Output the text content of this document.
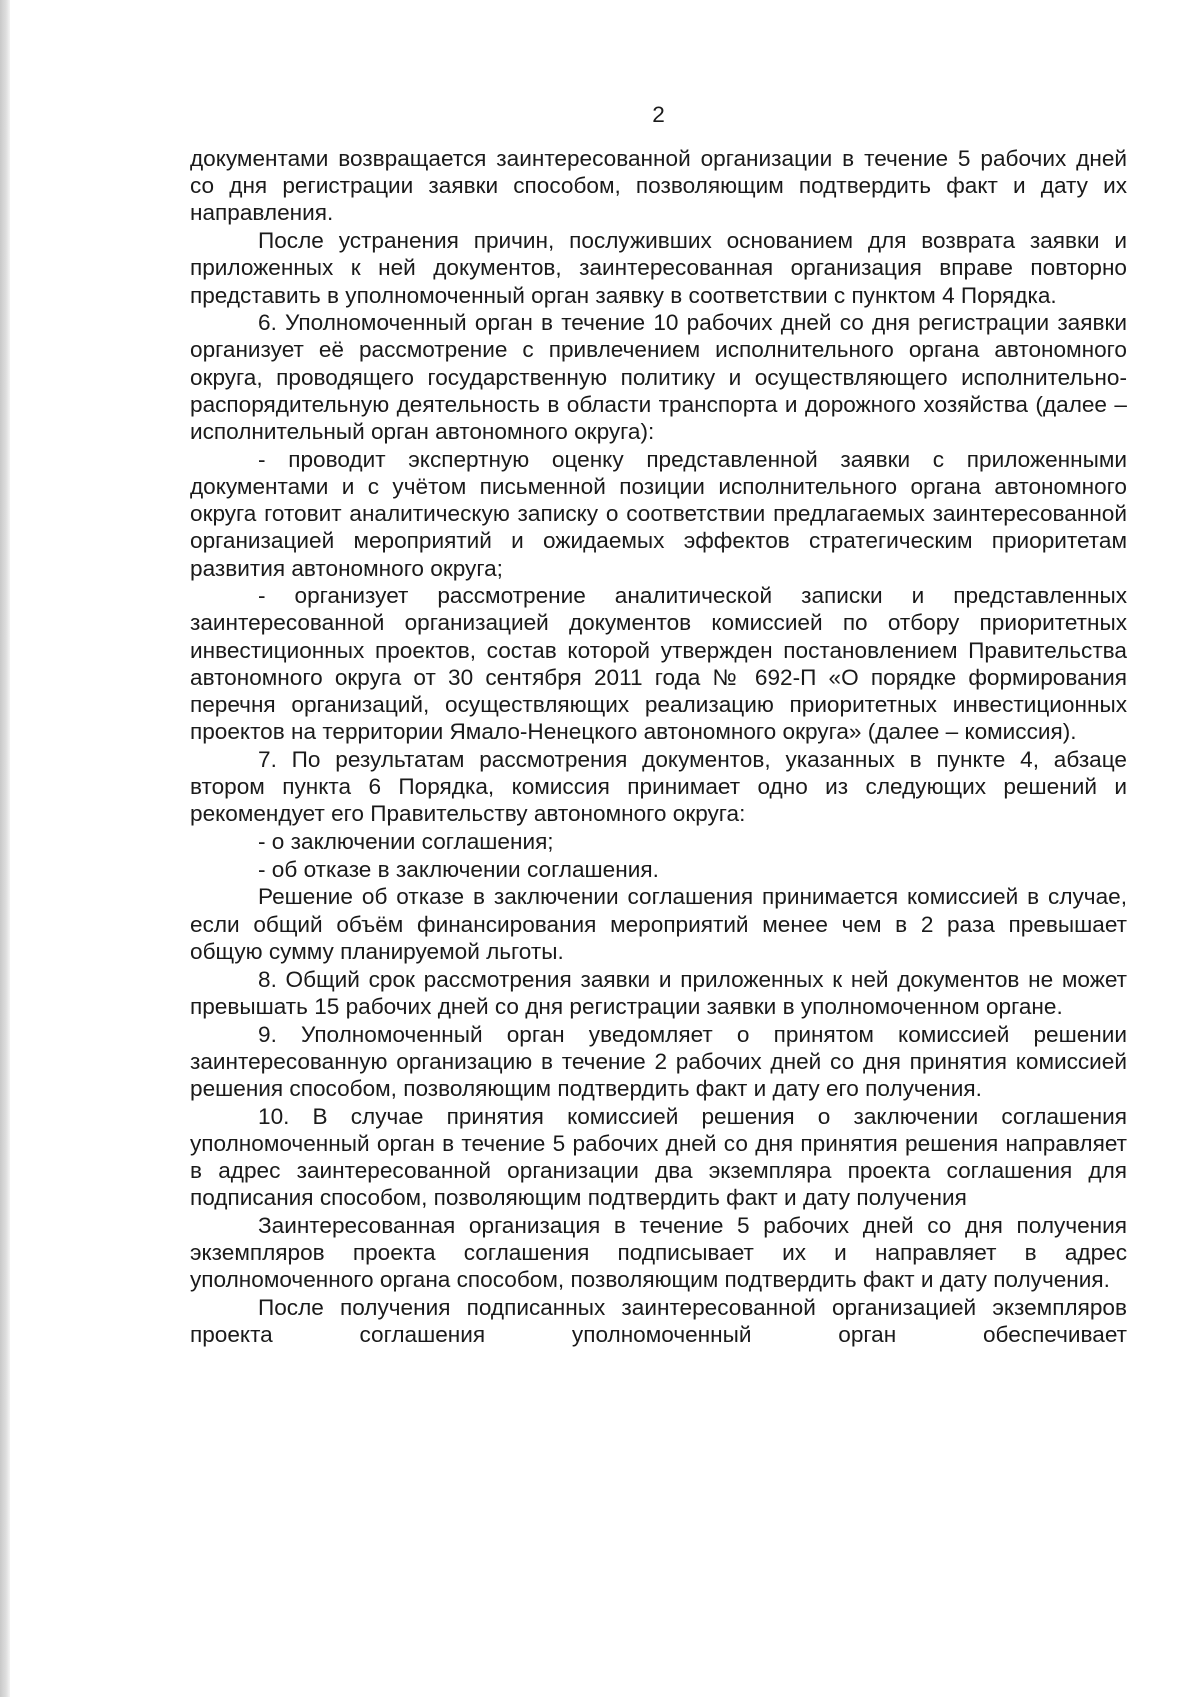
2

документами возвращается заинтересованной организации в течение 5 рабочих дней со дня регистрации заявки способом, позволяющим подтвердить факт и дату их направления.

После устранения причин, послуживших основанием для возврата заявки и приложенных к ней документов, заинтересованная организация вправе повторно представить в уполномоченный орган заявку в соответствии с пунктом 4 Порядка.

6. Уполномоченный орган в течение 10 рабочих дней со дня регистрации заявки организует её рассмотрение с привлечением исполнительного органа автономного округа, проводящего государственную политику и осуществляющего исполнительно-распорядительную деятельность в области транспорта и дорожного хозяйства (далее – исполнительный орган автономного округа):

- проводит экспертную оценку представленной заявки с приложенными документами и с учётом письменной позиции исполнительного органа автономного округа готовит аналитическую записку о соответствии предлагаемых заинтересованной организацией мероприятий и ожидаемых эффектов стратегическим приоритетам развития автономного округа;

- организует рассмотрение аналитической записки и представленных заинтересованной организацией документов комиссией по отбору приоритетных инвестиционных проектов, состав которой утвержден постановлением Правительства автономного округа от 30 сентября 2011 года № 692-П «О порядке формирования перечня организаций, осуществляющих реализацию приоритетных инвестиционных проектов на территории Ямало-Ненецкого автономного округа» (далее – комиссия).

7. По результатам рассмотрения документов, указанных в пункте 4, абзаце втором пункта 6 Порядка, комиссия принимает одно из следующих решений и рекомендует его Правительству автономного округа:

- о заключении соглашения;

- об отказе в заключении соглашения.

Решение об отказе в заключении соглашения принимается комиссией в случае, если общий объём финансирования мероприятий менее чем в 2 раза превышает общую сумму планируемой льготы.

8. Общий срок рассмотрения заявки и приложенных к ней документов не может превышать 15 рабочих дней со дня регистрации заявки в уполномоченном органе.

9. Уполномоченный орган уведомляет о принятом комиссией решении заинтересованную организацию в течение 2 рабочих дней со дня принятия комиссией решения способом, позволяющим подтвердить факт и дату его получения.

10. В случае принятия комиссией решения о заключении соглашения уполномоченный орган в течение 5 рабочих дней со дня принятия решения направляет в адрес заинтересованной организации два экземпляра проекта соглашения для подписания способом, позволяющим подтвердить факт и дату получения

Заинтересованная организация в течение 5 рабочих дней со дня получения экземпляров проекта соглашения подписывает их и направляет в адрес уполномоченного органа способом, позволяющим подтвердить факт и дату получения.

После получения подписанных заинтересованной организацией экземпляров проекта соглашения уполномоченный орган обеспечивает
